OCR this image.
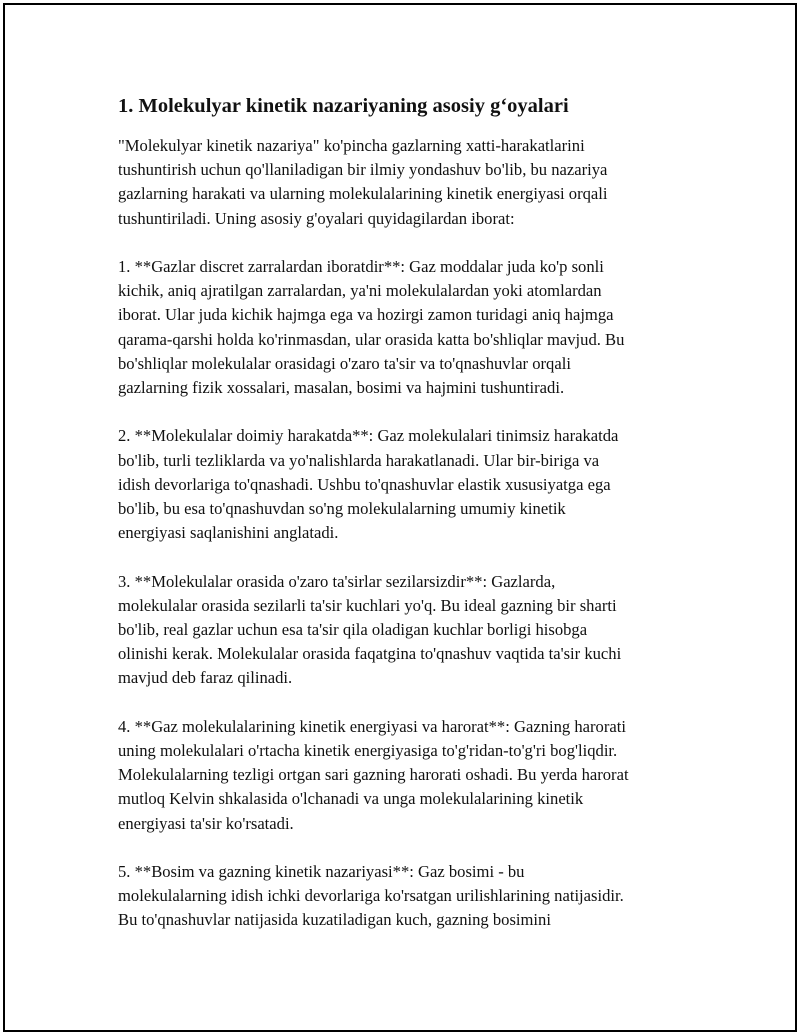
1. Molekulyar kinetik nazariyaning asosiy g‘oyalari
"Molekulyar kinetik nazariya" ko'pincha gazlarning xatti-harakatlarini
tushuntirish uchun qo'llaniladigan bir ilmiy yondashuv bo'lib, bu nazariya
gazlarning harakati va ularning molekulalarining kinetik energiyasi orqali
tushuntiriladi. Uning asosiy g'oyalari quyidagilardan iborat:
1. **Gazlar discret zarralardan iboratdir**: Gaz moddalar juda ko'p sonli
kichik, aniq ajratilgan zarralardan, ya'ni molekulalardan yoki atomlardan
iborat. Ular juda kichik hajmga ega va hozirgi zamon turidagi aniq hajmga
qarama-qarshi holda ko'rinmasdan, ular orasida katta bo'shliqlar mavjud. Bu
bo'shliqlar molekulalar orasidagi o'zaro ta'sir va to'qnashuvlar orqali
gazlarning fizik xossalari, masalan, bosimi va hajmini tushuntiradi.
2. **Molekulalar doimiy harakatda**: Gaz molekulalari tinimsiz harakatda
bo'lib, turli tezliklarda va yo'nalishlarda harakatlanadi. Ular bir-biriga va
idish devorlariga to'qnashadi. Ushbu to'qnashuvlar elastik xususiyatga ega
bo'lib, bu esa to'qnashuvdan so'ng molekulalarning umumiy kinetik
energiyasi saqlanishini anglatadi.
3. **Molekulalar orasida o'zaro ta'sirlar sezilarsizdir**: Gazlarda,
molekulalar orasida sezilarli ta'sir kuchlari yo'q. Bu ideal gazning bir sharti
bo'lib, real gazlar uchun esa ta'sir qila oladigan kuchlar borligi hisobga
olinishi kerak. Molekulalar orasida faqatgina to'qnashuv vaqtida ta'sir kuchi
mavjud deb faraz qilinadi.
4. **Gaz molekulalarining kinetik energiyasi va harorat**: Gazning harorati
uning molekulalari o'rtacha kinetik energiyasiga to'g'ridan-to'g'ri bog'liqdir.
Molekulalarning tezligi ortgan sari gazning harorati oshadi. Bu yerda harorat
mutloq Kelvin shkalasida o'lchanadi va unga molekulalarining kinetik
energiyasi ta'sir ko'rsatadi.
5. **Bosim va gazning kinetik nazariyasi**: Gaz bosimi - bu
molekulalarning idish ichki devorlariga ko'rsatgan urilishlarining natijasidir.
Bu to'qnashuvlar natijasida kuzatiladigan kuch, gazning bosimini
